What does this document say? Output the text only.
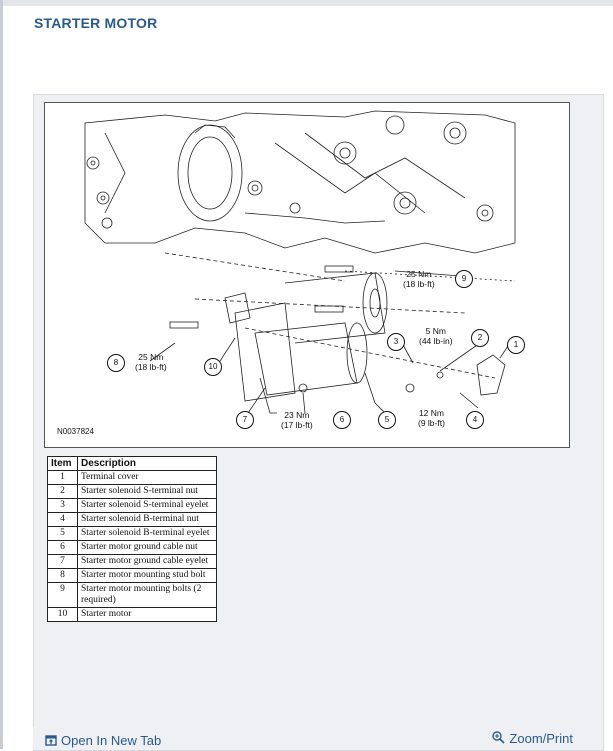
STARTER MOTOR
9
2
1
3
8	10
7	6	5	4
25 Nm
(18 lb-ft)
5 Nm
(44 lb-in)
25 Nm
(18 lb-ft)
23 Nm
(17 lb-ft)
12 Nm
(9 lb-ft)
N0037824
Item	Description
1	Terminal cover
2	Starter solenoid S-terminal nut
3	Starter solenoid S-terminal eyelet
4	Starter solenoid B-terminal nut
5	Starter solenoid B-terminal eyelet
6	Starter motor ground cable nut
7	Starter motor ground cable eyelet
8	Starter motor mounting stud bolt
9	Starter motor mounting bolts (2 required)
10	Starter motor
Open In New Tab	Zoom/Print
